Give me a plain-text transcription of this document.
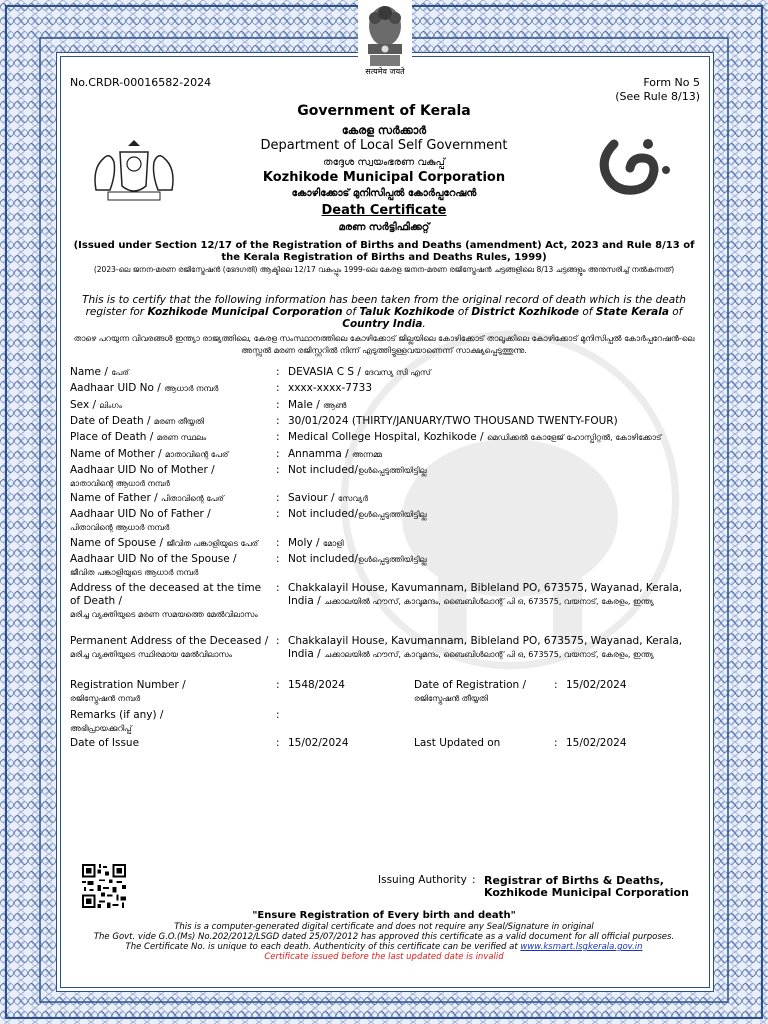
सत्यमेव जयते
No.CRDR-00016582-2024	Form No 5
(See Rule 8/13)
Government of Kerala
കേരള സർക്കാർ
Department of Local Self Government
തദ്ദേശ സ്വയംഭരണ വകുപ്പ്
Kozhikode Municipal Corporation
കോഴിക്കോട് മുനിസിപ്പൽ കോർപ്പറേഷൻ
Death Certificate
മരണ സർട്ടിഫിക്കറ്റ്
(Issued under Section 12/17 of the Registration of Births and Deaths (amendment) Act, 2023 and Rule 8/13 of the Kerala Registration of Births and Deaths Rules, 1999)
(2023-ലെ ജനന-മരണ രജിസ്ട്രേഷൻ (ഭേദഗതി) ആക്ടിലെ 12/17 വകുപ്പും 1999-ലെ കേരള ജനന-മരണ രജിസ്ട്രേഷൻ ചട്ടങ്ങളിലെ 8/13 ചട്ടങ്ങളും അനുസരിച്ച് നൽകുന്നത്)
This is to certify that the following information has been taken from the original record of death which is the death register for Kozhikode Municipal Corporation of Taluk Kozhikode of District Kozhikode of State Kerala of Country India.
താഴെ പറയുന്ന വിവരങ്ങൾ ഇന്ത്യാ രാജ്യത്തിലെ, കേരള സംസ്ഥാനത്തിലെ കോഴിക്കോട് ജില്ലയിലെ കോഴിക്കോട് താലൂക്കിലെ കോഴിക്കോട് മുനിസിപ്പൽ കോർപ്പറേഷൻ-ലെ അസ്സൽ മരണ രജിസ്റ്ററിൽ നിന്ന് എടുത്തിട്ടുള്ളവയാണെന്ന് സാക്ഷ്യപ്പെടുത്തുന്നു.
Name / പേര്	: DEVASIA C S / ദേവസ്യ സി എസ്
Aadhaar UID No / ആധാർ നമ്പർ	: xxxx-xxxx-7733
Sex / ലിംഗം	: Male / ആൺ
Date of Death / മരണ തീയ്യതി	: 30/01/2024 (THIRTY/JANUARY/TWO THOUSAND TWENTY-FOUR)
Place of Death / മരണ സ്ഥലം	: Medical College Hospital, Kozhikode / മെഡിക്കൽ കോളേജ് ഹോസ്പിറ്റൽ, കോഴിക്കോട്
Name of Mother / മാതാവിന്റെ പേര്	: Annamma / അന്നമ്മ
Aadhaar UID No of Mother /
മാതാവിന്റെ ആധാർ നമ്പർ
: Not included/ഉൾപ്പെടുത്തിയിട്ടില്ല
Name of Father / പിതാവിന്റെ പേര്	: Saviour / സേവ്യർ
Aadhaar UID No of Father /
പിതാവിന്റെ ആധാർ നമ്പർ
: Not included/ഉൾപ്പെടുത്തിയിട്ടില്ല
Name of Spouse / ജീവിത പങ്കാളിയുടെ പേര്	: Moly / മോളി
Aadhaar UID No of the Spouse /
ജീവിത പങ്കാളിയുടെ ആധാർ നമ്പർ
: Not included/ഉൾപ്പെടുത്തിയിട്ടില്ല
Address of the deceased at the time of Death /
മരിച്ച വ്യക്തിയുടെ മരണ സമയത്തെ മേൽവിലാസം
: Chakkalayil House, Kavumannam, Bibleland PO, 673575, Wayanad, Kerala, India / ചക്കാലയിൽ ഹൗസ്, കാവുമന്ദം, ബൈബിൾലാന്റ് പി ഒ, 673575, വയനാട്, കേരളം, ഇന്ത്യ
Permanent Address of the Deceased /
മരിച്ച വ്യക്തിയുടെ സ്ഥിരമായ മേൽവിലാസം
: Chakkalayil House, Kavumannam, Bibleland PO, 673575, Wayanad, Kerala, India / ചക്കാലയിൽ ഹൗസ്, കാവുമന്ദം, ബൈബിൾലാന്റ് പി ഒ, 673575, വയനാട്, കേരളം, ഇന്ത്യ
Registration Number /
രജിസ്ട്രേഷൻ നമ്പർ
: 1548/2024	Date of Registration /
രജിസ്ട്രേഷൻ തീയ്യതി
: 15/02/2024
Remarks (if any) /
അഭിപ്രായക്കുറിപ്പ്
:
Date of Issue	: 15/02/2024	Last Updated on	: 15/02/2024
Issuing Authority : Registrar of Births & Deaths,
Kozhikode Municipal Corporation
"Ensure Registration of Every birth and death"
This is a computer-generated digital certificate and does not require any Seal/Signature in original
The Govt. vide G.O.(Ms) No.202/2012/LSGD dated 25/07/2012 has approved this certificate as a valid document for all official purposes.
The Certificate No. is unique to each death. Authenticity of this certificate can be verified at www.ksmart.lsgkerala.gov.in
Certificate issued before the last updated date is invalid
